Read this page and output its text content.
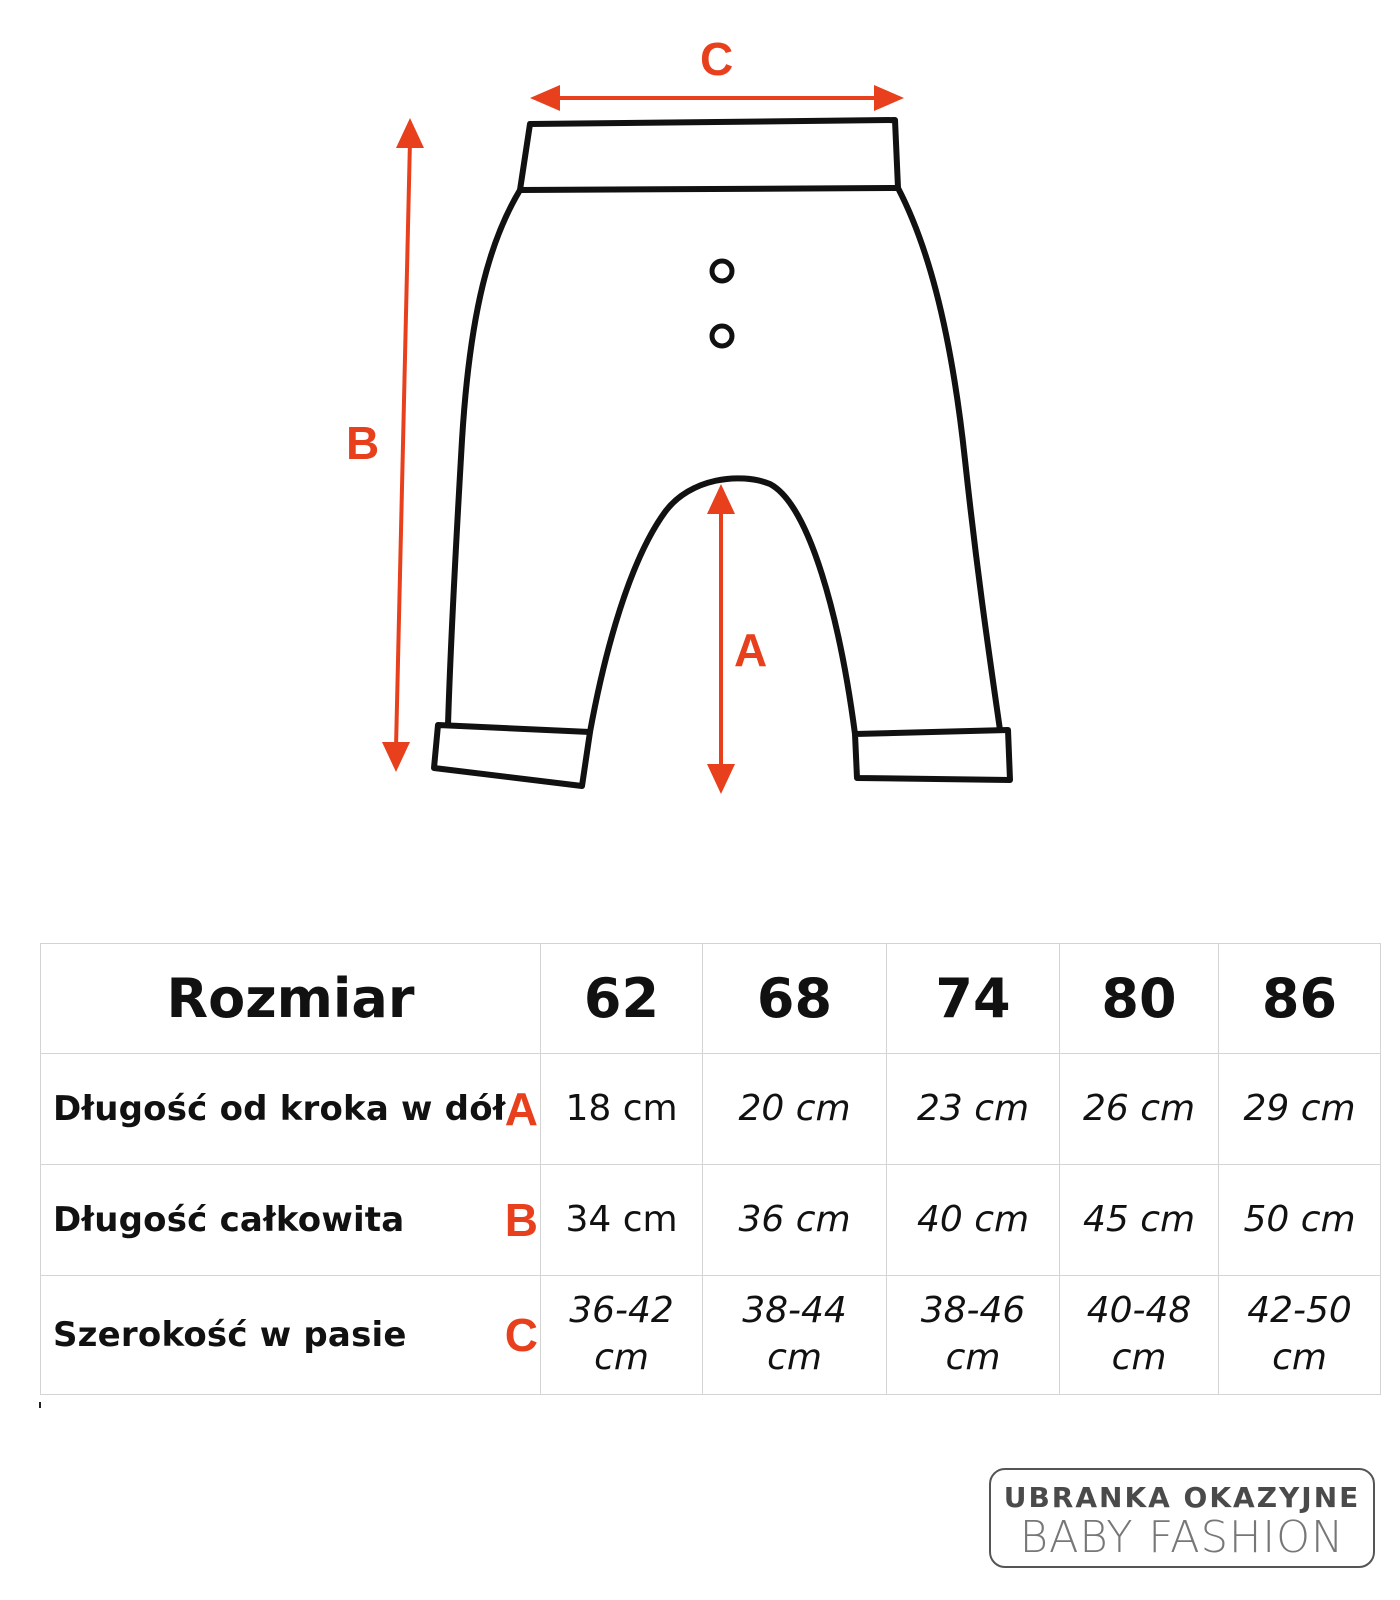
C
B
A
Rozmiar	62	68	74	80	86

Długość od kroka w dół A	18 cm	20 cm	23 cm	26 cm	29 cm

Długość całkowita B	34 cm	36 cm	40 cm	45 cm	50 cm

Szerokość w pasie C	36-42 cm	38-44 cm	38-46 cm	40-48 cm	42-50 cm
UBRANKA OKAZYJNE
BABY FASHION
